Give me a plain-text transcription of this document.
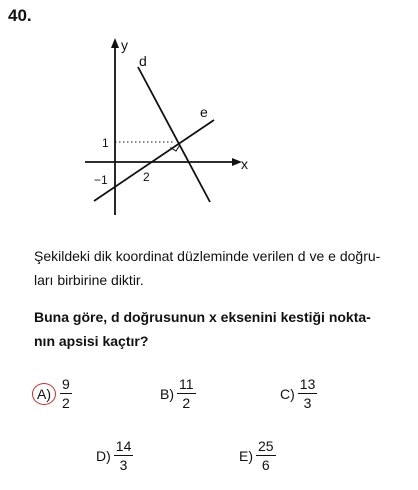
40.
y
x
d
e
1
−1	2
Şekildeki dik koordinat düzleminde verilen d ve e doğru-
ları birbirine diktir.
Buna göre, d doğrusunun x eksenini kestiği nokta-
nın apsisi kaçtır?
$A) \frac{9}{2}$	$B) \frac{11}{2}$	$C) \frac{13}{3}$
$D) \frac{14}{3}$	$E) \frac{25}{6}$
